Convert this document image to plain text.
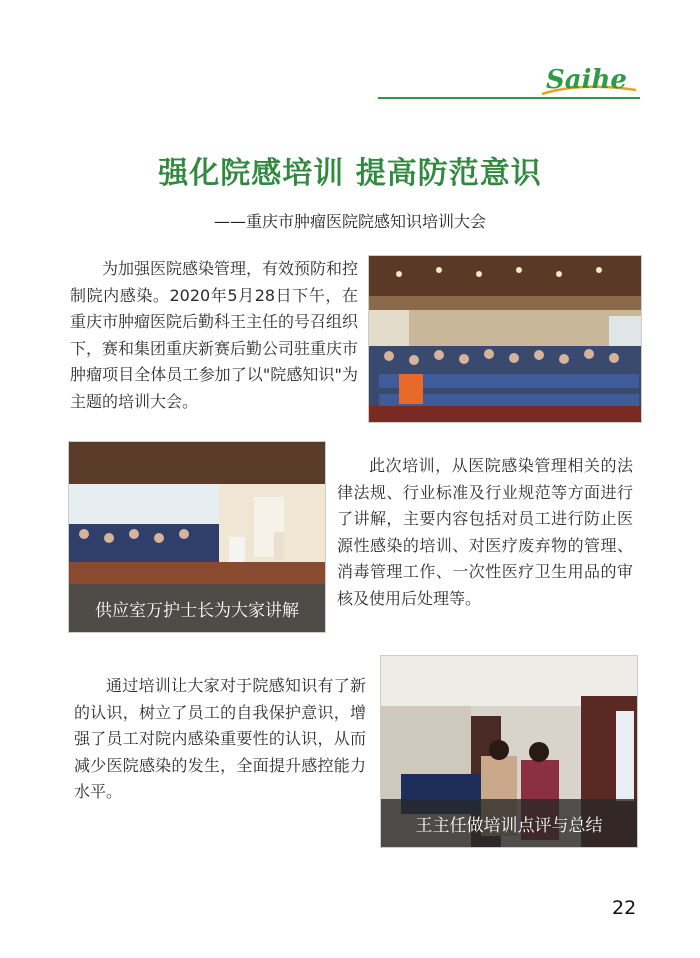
Saihe
强化院感培训 提高防范意识
——重庆市肿瘤医院院感知识培训大会

为加强医院感染管理，有效预防和控制院内感染。2020年5月28日下午，在重庆市肿瘤医院后勤科王主任的号召组织下，赛和集团重庆新赛后勤公司驻重庆市肿瘤项目全体员工参加了以"院感知识"为主题的培训大会。

供应室万护士长为大家讲解

此次培训，从医院感染管理相关的法律法规、行业标准及行业规范等方面进行了讲解，主要内容包括对员工进行防止医源性感染的培训、对医疗废弃物的管理、消毒管理工作、一次性医疗卫生用品的审核及使用后处理等。

通过培训让大家对于院感知识有了新的认识，树立了员工的自我保护意识，增强了员工对院内感染重要性的认识，从而减少医院感染的发生，全面提升感控能力水平。

王主任做培训点评与总结
22
